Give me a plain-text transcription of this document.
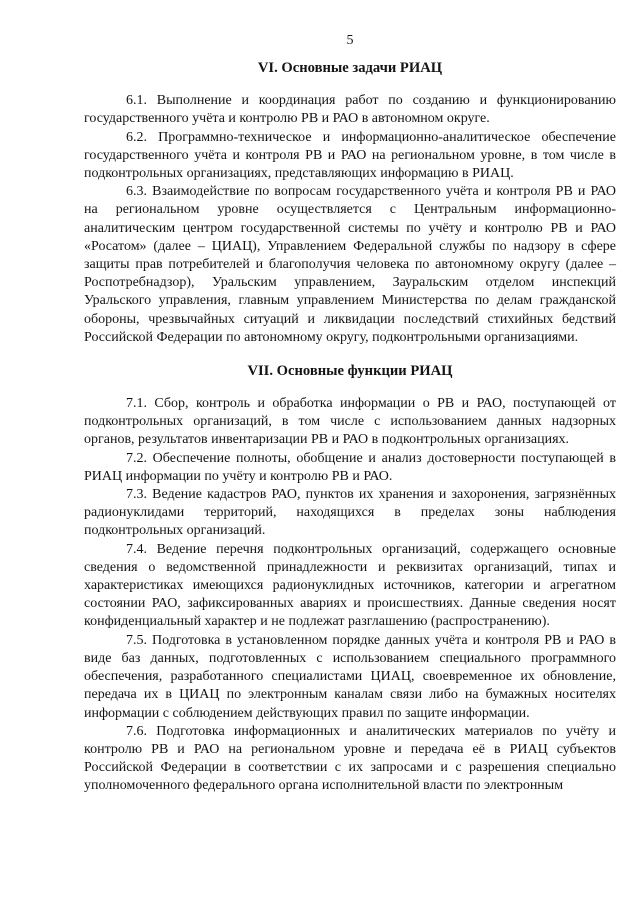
5
VI. Основные задачи РИАЦ

6.1. Выполнение и координация работ по созданию и функционированию государственного учёта и контролю РВ и РАО в автономном округе.

6.2. Программно-техническое и информационно-аналитическое обеспечение государственного учёта и контроля РВ и РАО на региональном уровне, в том числе в подконтрольных организациях, представляющих информацию в РИАЦ.

6.3. Взаимодействие по вопросам государственного учёта и контроля РВ и РАО на региональном уровне осуществляется с Центральным информационно-аналитическим центром государственной системы по учёту и контролю РВ и РАО «Росатом» (далее – ЦИАЦ), Управлением Федеральной службы по надзору в сфере защиты прав потребителей и благополучия человека по автономному округу (далее – Роспотребнадзор), Уральским управлением, Зауральским отделом инспекций Уральского управления, главным управлением Министерства по делам гражданской обороны, чрезвычайных ситуаций и ликвидации последствий стихийных бедствий Российской Федерации по автономному округу, подконтрольными организациями.

VII. Основные функции РИАЦ

7.1. Сбор, контроль и обработка информации о РВ и РАО, поступающей от подконтрольных организаций, в том числе с использованием данных надзорных органов, результатов инвентаризации РВ и РАО в подконтрольных организациях.

7.2. Обеспечение полноты, обобщение и анализ достоверности поступающей в РИАЦ информации по учёту и контролю РВ и РАО.

7.3. Ведение кадастров РАО, пунктов их хранения и захоронения, загрязнённых радионуклидами территорий, находящихся в пределах зоны наблюдения подконтрольных организаций.

7.4. Ведение перечня подконтрольных организаций, содержащего основные сведения о ведомственной принадлежности и реквизитах организаций, типах и характеристиках имеющихся радионуклидных источников, категории и агрегатном состоянии РАО, зафиксированных авариях и происшествиях. Данные сведения носят конфиденциальный характер и не подлежат разглашению (распространению).

7.5. Подготовка в установленном порядке данных учёта и контроля РВ и РАО в виде баз данных, подготовленных с использованием специального программного обеспечения, разработанного специалистами ЦИАЦ, своевременное их обновление, передача их в ЦИАЦ по электронным каналам связи либо на бумажных носителях информации с соблюдением действующих правил по защите информации.

7.6. Подготовка информационных и аналитических материалов по учёту и контролю РВ и РАО на региональном уровне и передача её в РИАЦ субъектов Российской Федерации в соответствии с их запросами и с разрешения специально уполномоченного федерального органа исполнительной власти по электронным
